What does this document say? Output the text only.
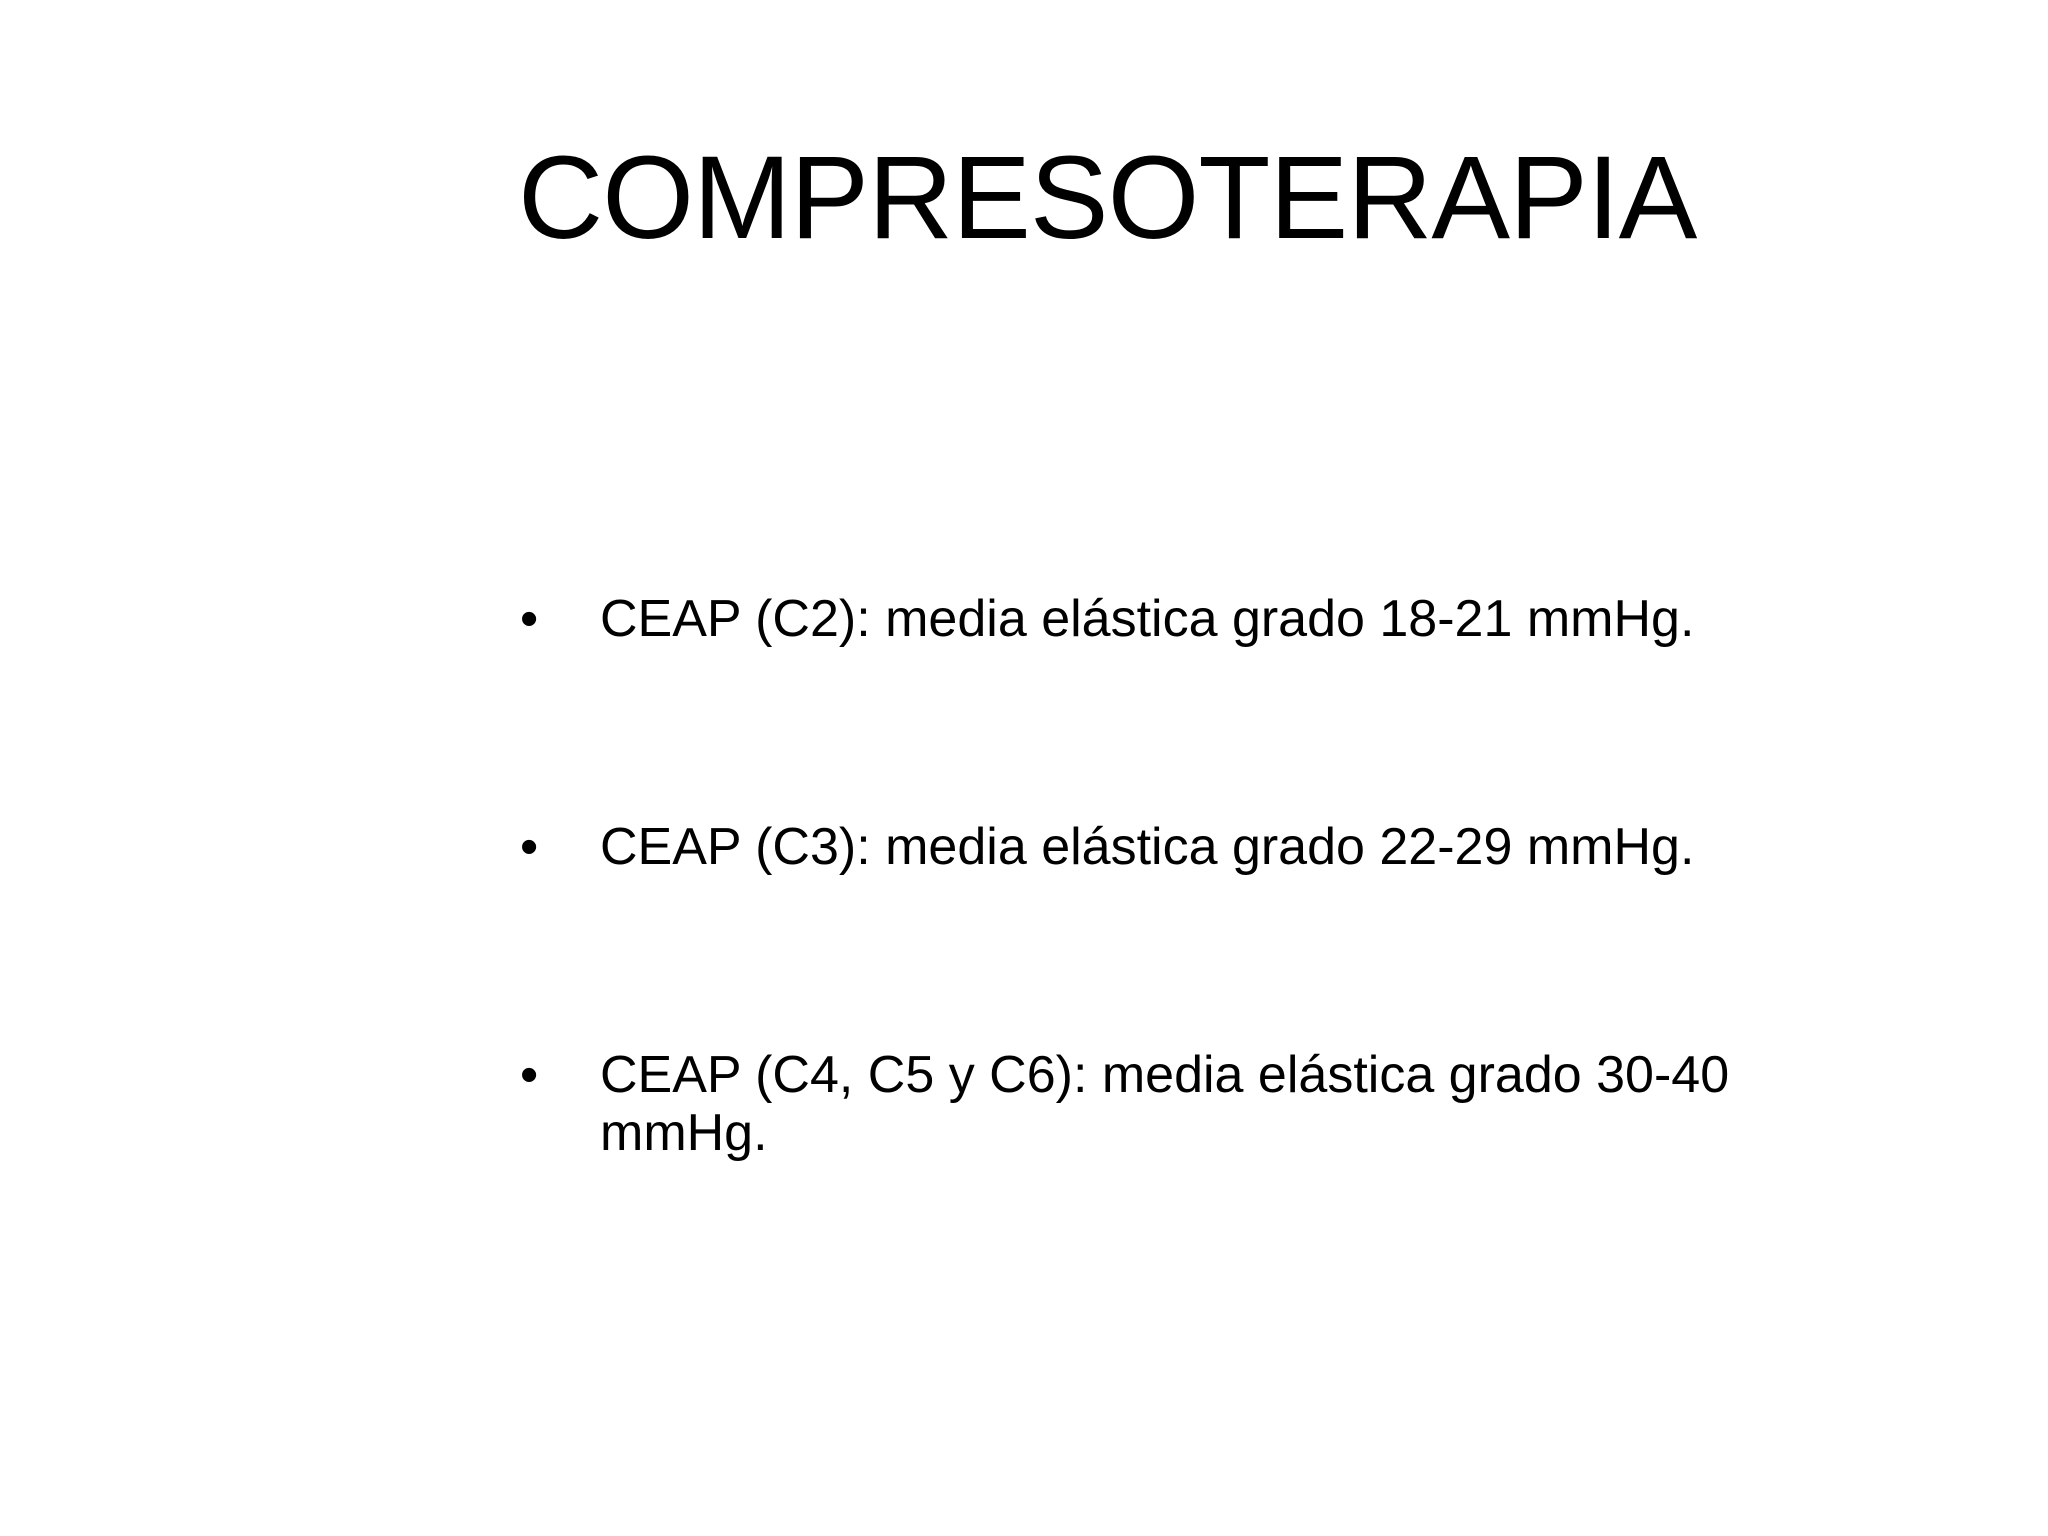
COMPRESOTERAPIA
•	CEAP (C2): media elástica grado 18-21 mmHg.
•	CEAP (C3): media elástica grado 22-29 mmHg.
•	CEAP (C4, C5 y C6): media elástica grado 30-40 mmHg.
